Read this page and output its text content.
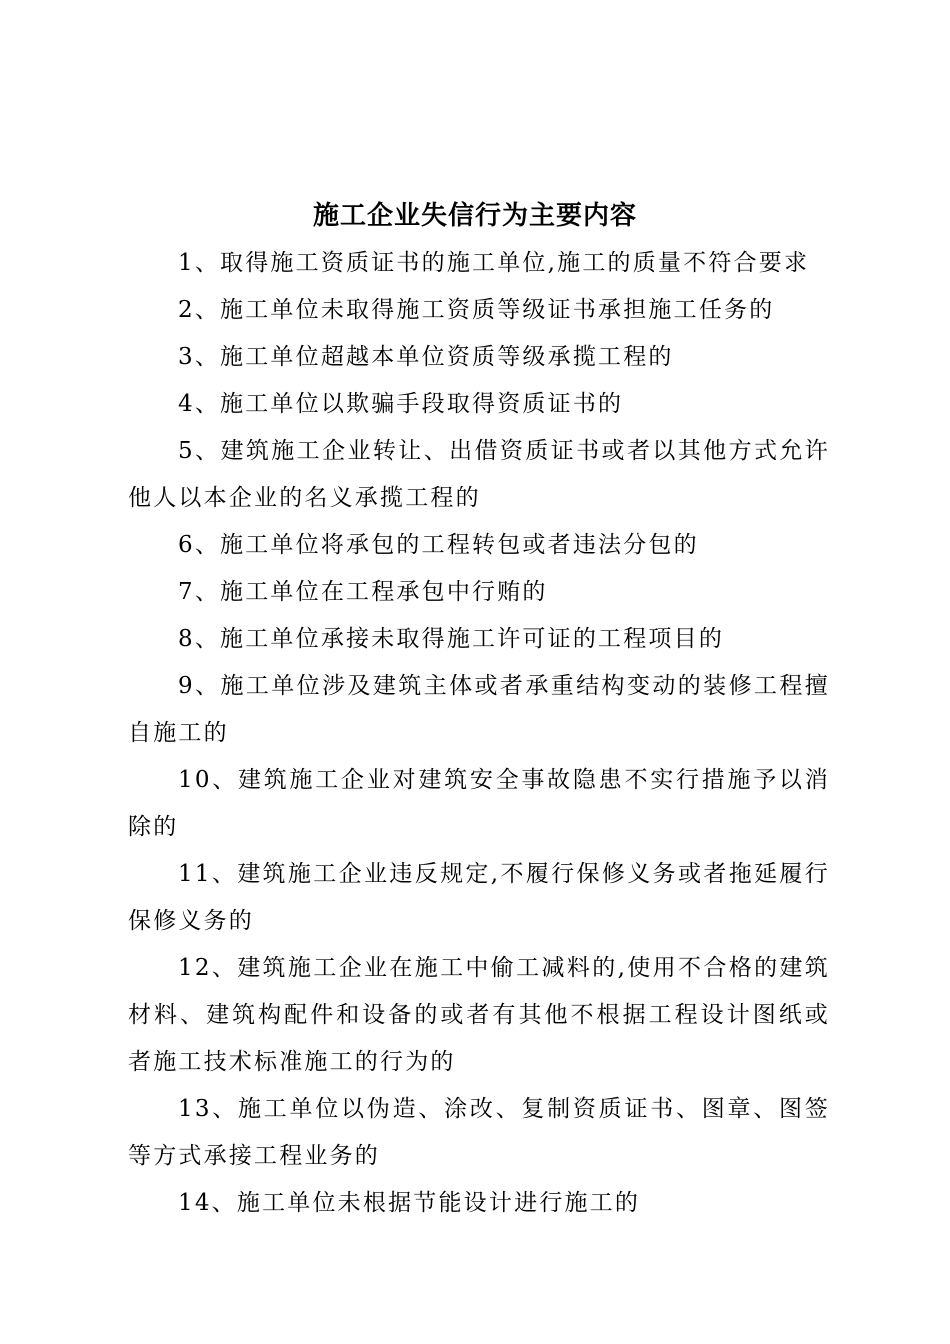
施工企业失信行为主要内容

1、取得施工资质证书的施工单位,施工的质量不符合要求

2、施工单位未取得施工资质等级证书承担施工任务的

3、施工单位超越本单位资质等级承揽工程的

4、施工单位以欺骗手段取得资质证书的

5、建筑施工企业转让、出借资质证书或者以其他方式允许他人以本企业的名义承揽工程的

6、施工单位将承包的工程转包或者违法分包的

7、施工单位在工程承包中行贿的

8、施工单位承接未取得施工许可证的工程项目的

9、施工单位涉及建筑主体或者承重结构变动的装修工程擅自施工的

10、建筑施工企业对建筑安全事故隐患不实行措施予以消除的

11、建筑施工企业违反规定,不履行保修义务或者拖延履行保修义务的

12、建筑施工企业在施工中偷工减料的,使用不合格的建筑材料、建筑构配件和设备的或者有其他不根据工程设计图纸或者施工技术标准施工的行为的

13、施工单位以伪造、涂改、复制资质证书、图章、图签等方式承接工程业务的

14、施工单位未根据节能设计进行施工的
